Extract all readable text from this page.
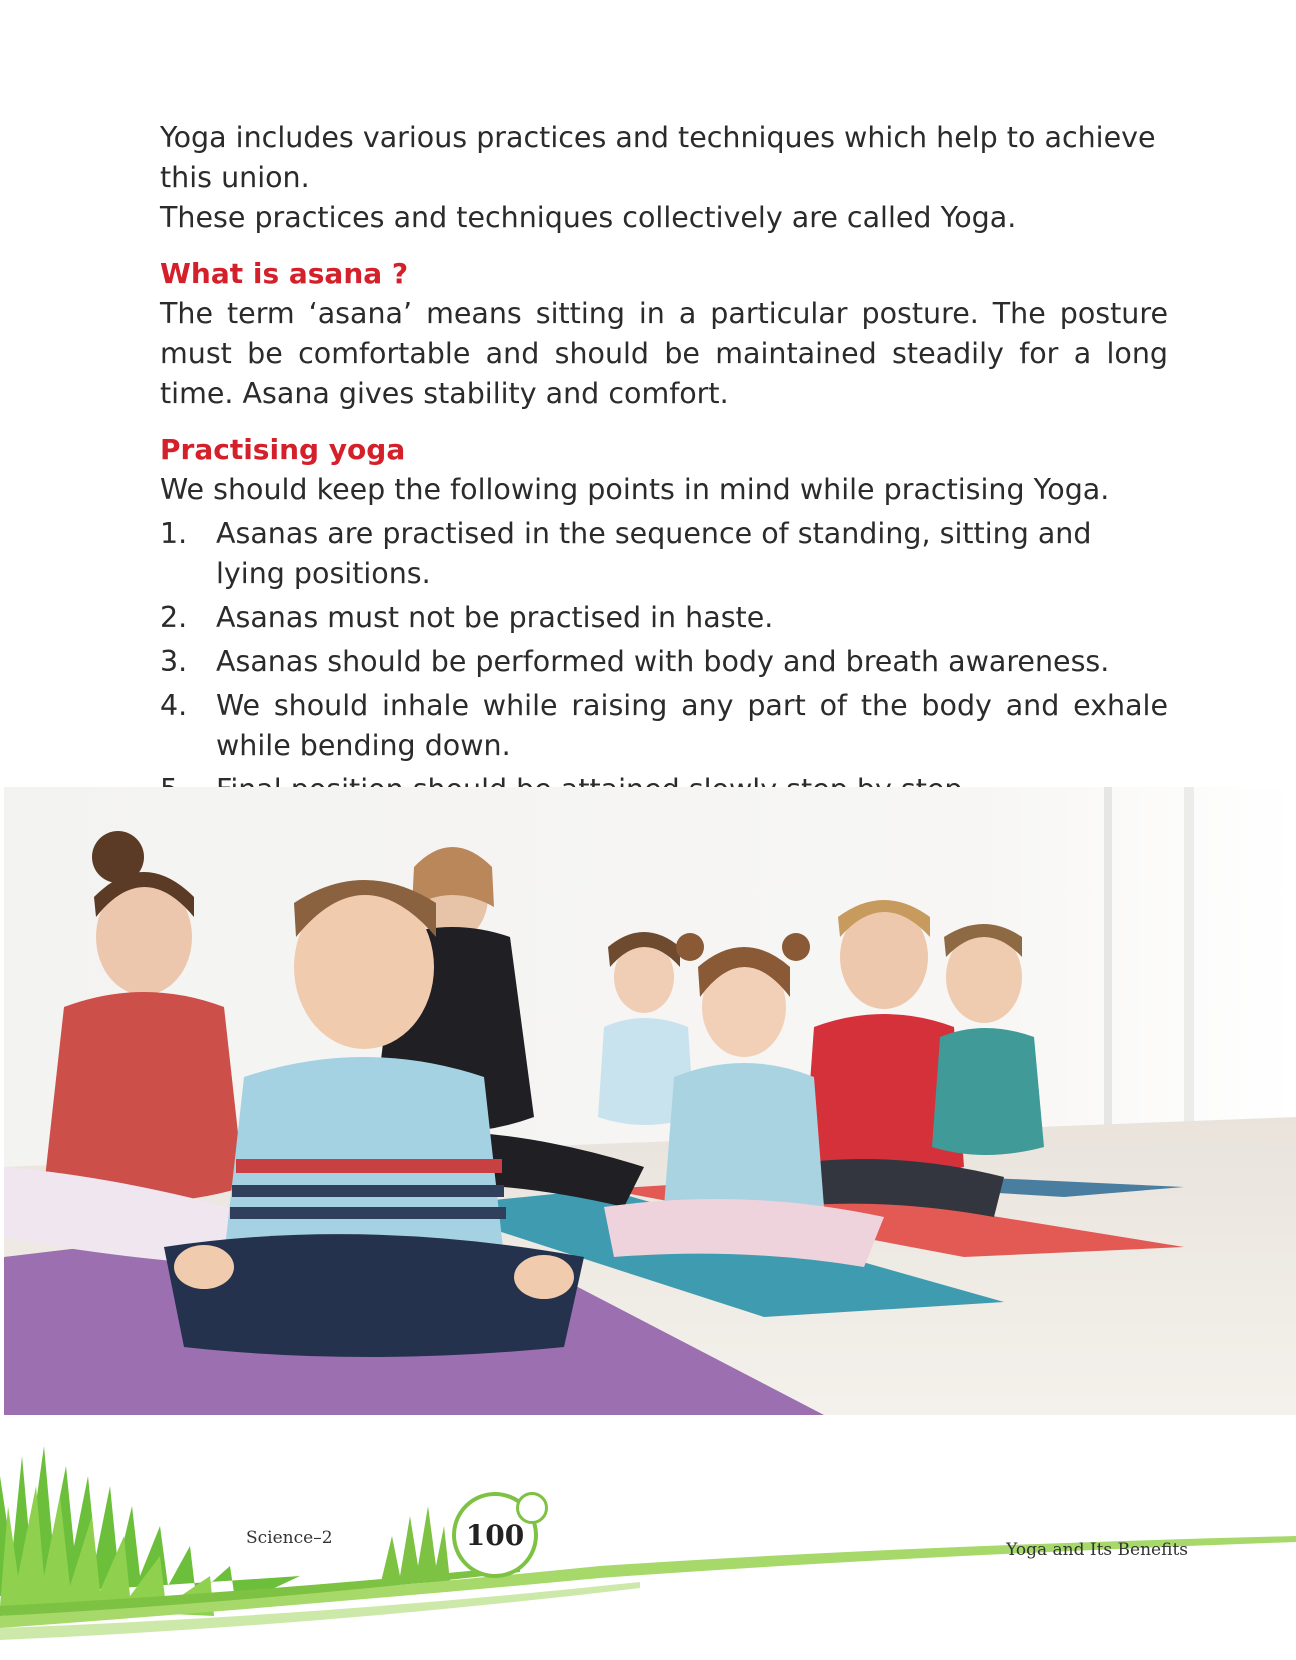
Yoga includes various practices and techniques which help to achieve this union.

These practices and techniques collectively are called Yoga.

What is asana ?

The term ‘asana’ means sitting in a particular posture. The posture must be comfortable and should be maintained steadily for a long time. Asana gives stability and comfort.

Practising yoga

We should keep the following points in mind while practising Yoga.

1.	Asanas are practised in the sequence of standing, sitting and lying positions.
2.	Asanas must not be practised in haste.
3.	Asanas should be performed with body and breath awareness.
4.	We should inhale while raising any part of the body and exhale while bending down.
Science–2	100	Yoga and Its Benefits
